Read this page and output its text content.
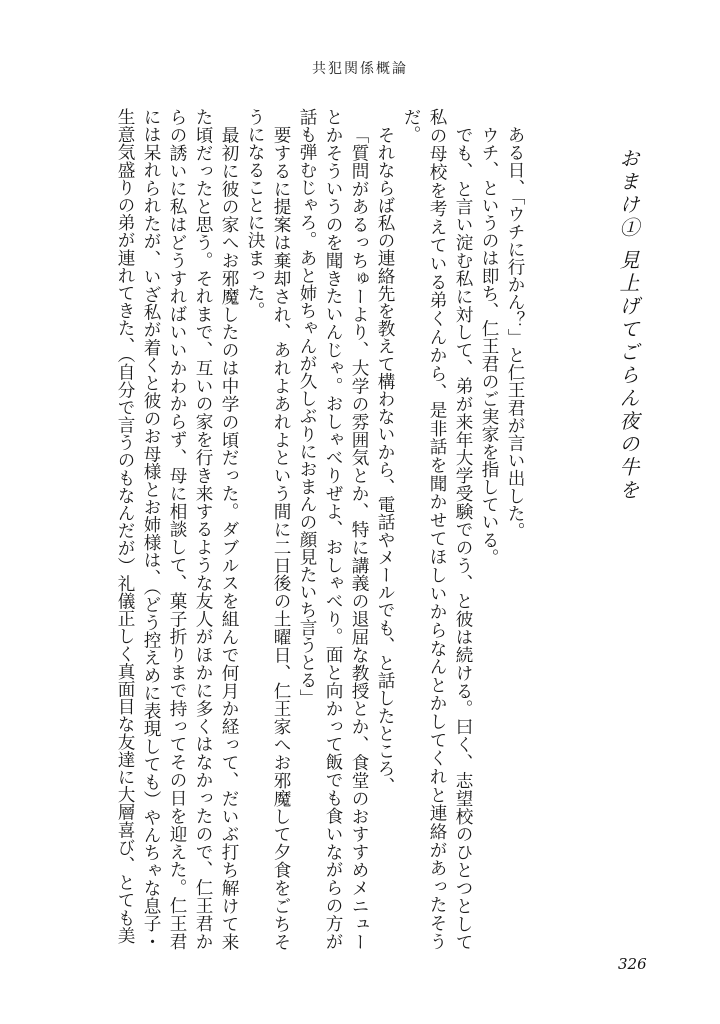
共犯関係概論
おまけ① 見上げてごらん夜の牛を

ある日、「ウチに行かん？」と仁王君が言い出した。

ウチ、というのは即ち、仁王君のご実家を指している。

でも、と言い淀む私に対して、弟が来年大学受験でのう、と彼は続ける。曰く、志望校のひとつとして私の母校を考えている弟くんから、是非話を聞かせてほしいからなんとかしてくれと連絡があったそうだ。

それならば私の連絡先を教えて構わないから、電話やメールでも、と話したところ、

「質問があるっちゅーより、大学の雰囲気とか、特に講義の退屈な教授とか、食堂のおすすめメニューとかそういうのを聞きたいんじゃ。おしゃべりぜよ、おしゃべり。面と向かって飯でも食いながらの方が話も弾むじゃろ。あと姉ちゃんが久しぶりにおまんの顔見たいち言うとる」

要するに提案は棄却され、あれよあれよという間に二日後の土曜日、仁王家へお邪魔して夕食をごちそうになることに決まった。

最初に彼の家へお邪魔したのは中学の頃だった。ダブルスを組んで何月か経って、だいぶ打ち解けて来た頃だったと思う。それまで、互いの家を行き来するような友人がほかに多くはなかったので、仁王君からの誘いに私はどうすればいいかわからず、母に相談して、菓子折りまで持ってその日を迎えた。仁王君には呆れられたが、いざ私が着くと彼のお母様とお姉様は、（どう控えめに表現しても）やんちゃな息子・生意気盛りの弟が連れてきた、（自分で言うのもなんだが）礼儀正しく真面目な友達に大層喜び、とても美

326
